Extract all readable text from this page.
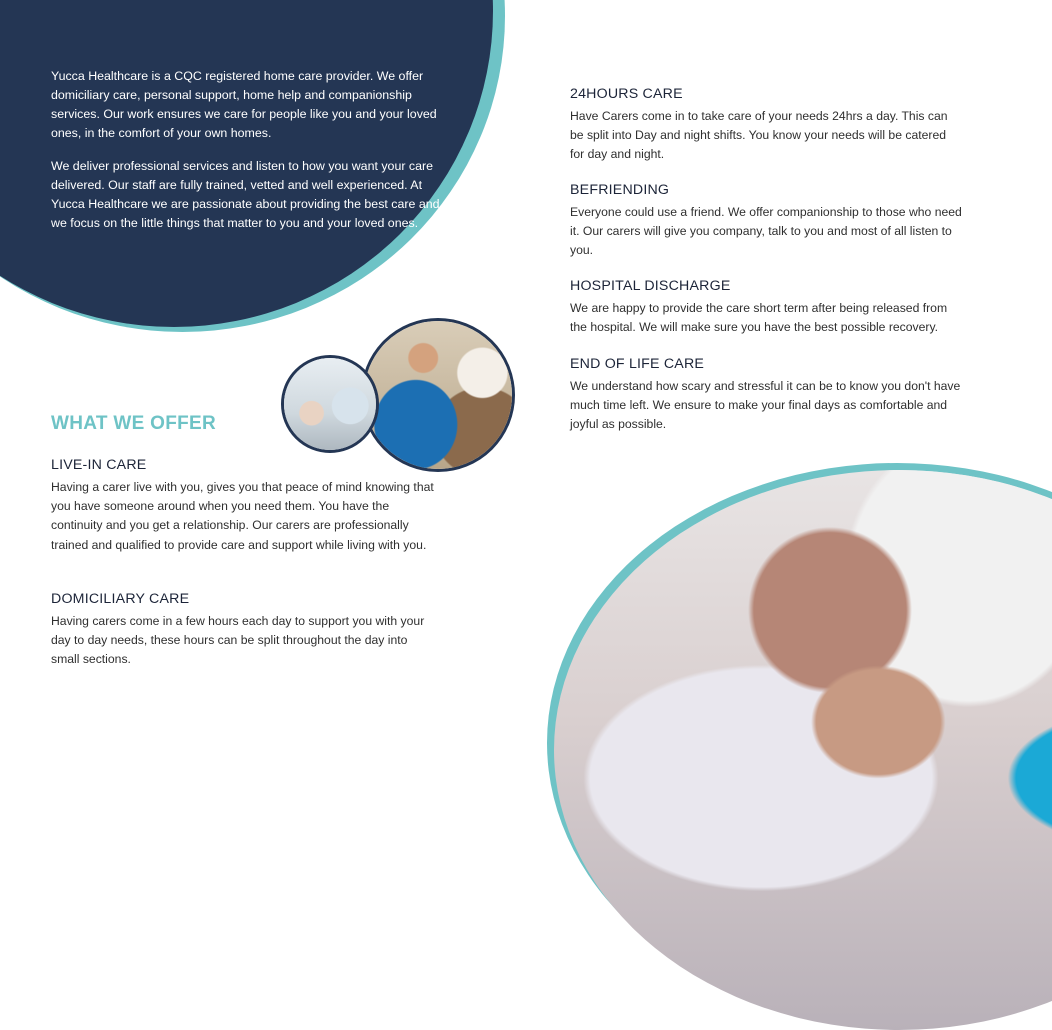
Yucca Healthcare is a CQC registered home care provider. We offer domiciliary care, personal support, home help and companionship services. Our work ensures we care for people like you and your loved ones, in the comfort of your own homes.

We deliver professional services and listen to how you want your care delivered. Our staff are fully trained, vetted and well experienced. At Yucca Healthcare we are passionate about providing the best care and we focus on the little things that matter to you and your loved ones.

WHAT WE OFFER
LIVE-IN CARE

Having a carer live with you, gives you that peace of mind knowing that you have someone around when you need them. You have the continuity and you get a relationship. Our carers are professionally trained and qualified to provide care and support while living with you.

DOMICILIARY CARE

Having carers come in a few hours each day to support you with your day to day needs, these hours can be split throughout the day into small sections.

24HOURS CARE

Have Carers come in to take care of your needs 24hrs a day. This can be split into Day and night shifts. You know your needs will be catered for day and night.

BEFRIENDING

Everyone could use a friend. We offer companionship to those who need it. Our carers will give you company, talk to you and most of all listen to you.

HOSPITAL DISCHARGE

We are happy to provide the care short term after being released from the hospital. We will make sure you have the best possible recovery.

END OF LIFE CARE

We understand how scary and stressful it can be to know you don't have much time left. We ensure to make your final days as comfortable and joyful as possible.
